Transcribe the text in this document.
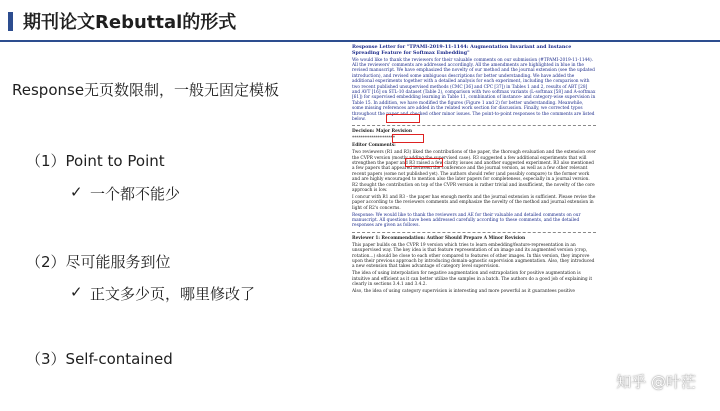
期刊论文Rebuttal的形式
Response无页数限制，一般无固定模板
（1）Point to Point
✓ 一个都不能少
（2）尽可能服务到位
✓ 正文多少页，哪里修改了
（3）Self-contained

Response Letter for "TPAMI-2019-11-1144: Augmentation Invariant and Instance Spreading Feature for Softmax Embedding"

We would like to thank the reviewers for their valuable comments on our submission (#TPAMI-2019-11-1144). All the reviewers' comments are addressed accordingly. All the amendments are highlighted in blue in the revised manuscript. We have emphasized the novelty of our method and the journal extension (see the updated introduction), and revised some ambiguous descriptions for better understanding. We have added the additional experiments together with a detailed analysis for each experiment, including the comparison with two recent published unsupervised methods (CMC [36] and CPC [37]) in Tables 1 and 2, results of ABT [28] and AVT [16] on STL-10 dataset (Table 2), comparison with two softmax variants (L-softmax [58] and A-softmax [61]) for supervised embedding learning in Table 11, combination of instance- and category-wise supervision in Table 15. In addition, we have modified the figures (Figure 1 and 2) for better understanding. Meanwhile, some missing references are added in the related work section for discussion. Finally, we corrected typos throughout the paper and checked other minor issues. The point-to-point responses to the comments are listed below.

Decision: Major Revision

********************

Editor Comments:

Two reviewers (R1 and R3) liked the contributions of the paper, the thorough evaluation and the extension over the CVPR version (mostly adding the supervised case). R3 suggested a few additional experiments that will strengthen the paper and R3 raised a few clarity issues and another suggested experiment. R3 also mentioned a few papers that appeared between the conference and the journal version, as well as a few other relevant recent papers (some not published yet). The authors should refer (and possibly compare) to the former work and are highly encouraged to mention also the later papers for completeness, especially in a journal version. R2 thought the contribution on top of the CVPR version is rather trivial and insufficient, the novelty of the core approach is low.

I concur with R1 and R3 - the paper has enough merits and the journal extension is sufficient. Please revise the paper according to the reviewers comments and emphasize the novelty of the method and journal extension in light of R2's concerns.

Response: We would like to thank the reviewers and AE for their valuable and detailed comments on our manuscript. All questions have been addressed carefully according to these comments, and the detailed responses are given as follows.

Reviewer 1: Recommendation: Author Should Prepare A Minor Revision

This paper builds on the CVPR 19 version which tries to learn embedding/feature-representation in an unsupervised way. The key idea is that feature representation of an image and its augmented version (crop, rotation...) should be close to each other compared to features of other images. In this version, they improve upon their previous approach by introducing domain-agnostic supervision augmentation. Also, they introduced a new extension that takes advantage of category level supervision.

The idea of using interpolation for negative augmentation and extrapolation for positive augmentation is intuitive and efficient as it can better utilize the samples in a batch. The authors do a good job of explaining it clearly in sections 3.4.1 and 3.4.2.

Also, the idea of using category supervision is interesting and more powerful as it guarantees positive

知乎 @叶茫
